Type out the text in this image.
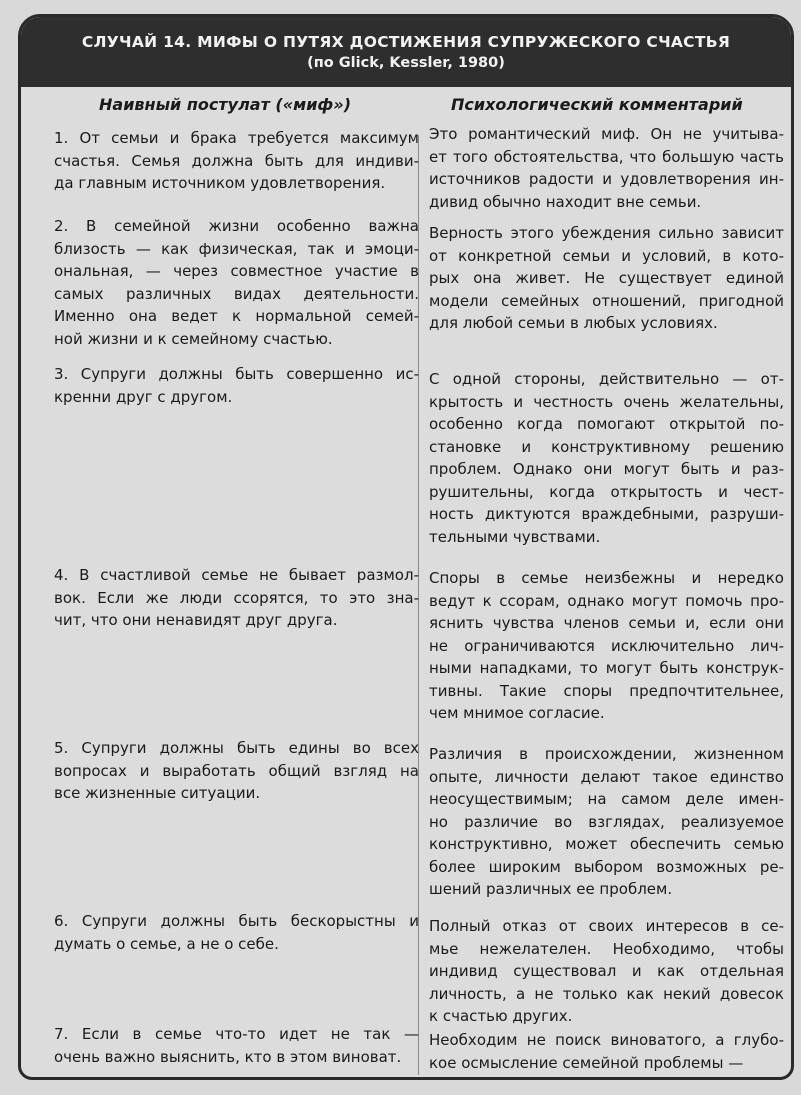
СЛУЧАЙ 14. МИФЫ О ПУТЯХ ДОСТИЖЕНИЯ СУПРУЖЕСКОГО СЧАСТЬЯ
(по Glick, Kessler, 1980)
Наивный постулат («миф»)	Психологический комментарий
1. От семьи и брака требуется максимум
счастья. Семья должна быть для индиви-
да главным источником удовлетворения.
Это романтический миф. Он не учитыва-
ет того обстоятельства, что большую часть
источников радости и удовлетворения ин-
дивид обычно находит вне семьи.
2. В семейной жизни особенно важна
близость — как физическая, так и эмоци-
ональная, — через совместное участие в
самых различных видах деятельности.
Именно она ведет к нормальной семей-
ной жизни и к семейному счастью.
Верность этого убеждения сильно зависит
от конкретной семьи и условий, в кото-
рых она живет. Не существует единой
модели семейных отношений, пригодной
для любой семьи в любых условиях.
3. Супруги должны быть совершенно ис-
кренни друг с другом.
С одной стороны, действительно — от-
крытость и честность очень желательны,
особенно когда помогают открытой по-
становке и конструктивному решению
проблем. Однако они могут быть и раз-
рушительны, когда открытость и чест-
ность диктуются враждебными, разруши-
тельными чувствами.
4. В счастливой семье не бывает размол-
вок. Если же люди ссорятся, то это зна-
чит, что они ненавидят друг друга.
Споры в семье неизбежны и нередко
ведут к ссорам, однако могут помочь про-
яснить чувства членов семьи и, если они
не ограничиваются исключительно лич-
ными нападками, то могут быть конструк-
тивны. Такие споры предпочтительнее,
чем мнимое согласие.
5. Супруги должны быть едины во всех
вопросах и выработать общий взгляд на
все жизненные ситуации.
Различия в происхождении, жизненном
опыте, личности делают такое единство
неосуществимым; на самом деле имен-
но различие во взглядах, реализуемое
конструктивно, может обеспечить семью
более широким выбором возможных ре-
шений различных ее проблем.
6. Супруги должны быть бескорыстны и
думать о семье, а не о себе.
Полный отказ от своих интересов в се-
мье нежелателен. Необходимо, чтобы
индивид существовал и как отдельная
личность, а не только как некий довесок
к счастью других.
7. Если в семье что-то идет не так —
очень важно выяснить, кто в этом виноват.
Необходим не поиск виноватого, а глубо-
кое осмысление семейной проблемы —
